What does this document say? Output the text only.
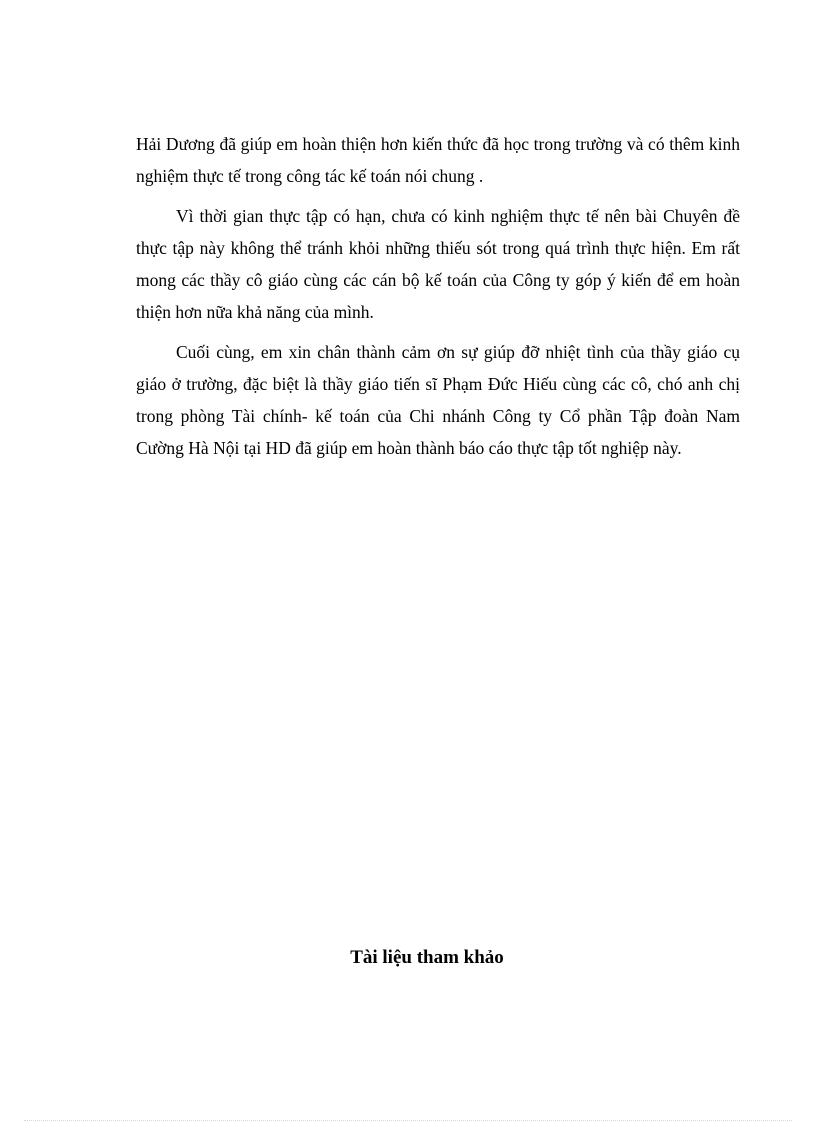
Hải Dương đã giúp em hoàn thiện hơn kiến thức đã học trong trường và có thêm kinh nghiệm thực tế trong công tác kế toán nói chung .

Vì thời gian thực tập có hạn, chưa có kinh nghiệm thực tế nên bài Chuyên đề thực tập này không thể tránh khỏi những thiếu sót trong quá trình thực hiện. Em rất mong các thầy cô giáo cùng các cán bộ kế toán của Công ty góp ý kiến để em hoàn thiện hơn nữa khả năng của mình.

Cuối cùng, em xin chân thành cảm ơn sự giúp đỡ nhiệt tình của thầy giáo cụ giáo ở trường, đặc biệt là thầy giáo tiến sĩ Phạm Đức Hiếu cùng các cô, chó anh chị trong phòng Tài chính- kế toán của Chi nhánh Công ty Cổ phần Tập đoàn Nam Cường Hà Nội tại HD đã giúp em hoàn thành báo cáo thực tập tốt nghiệp này.

Tài liệu tham khảo
